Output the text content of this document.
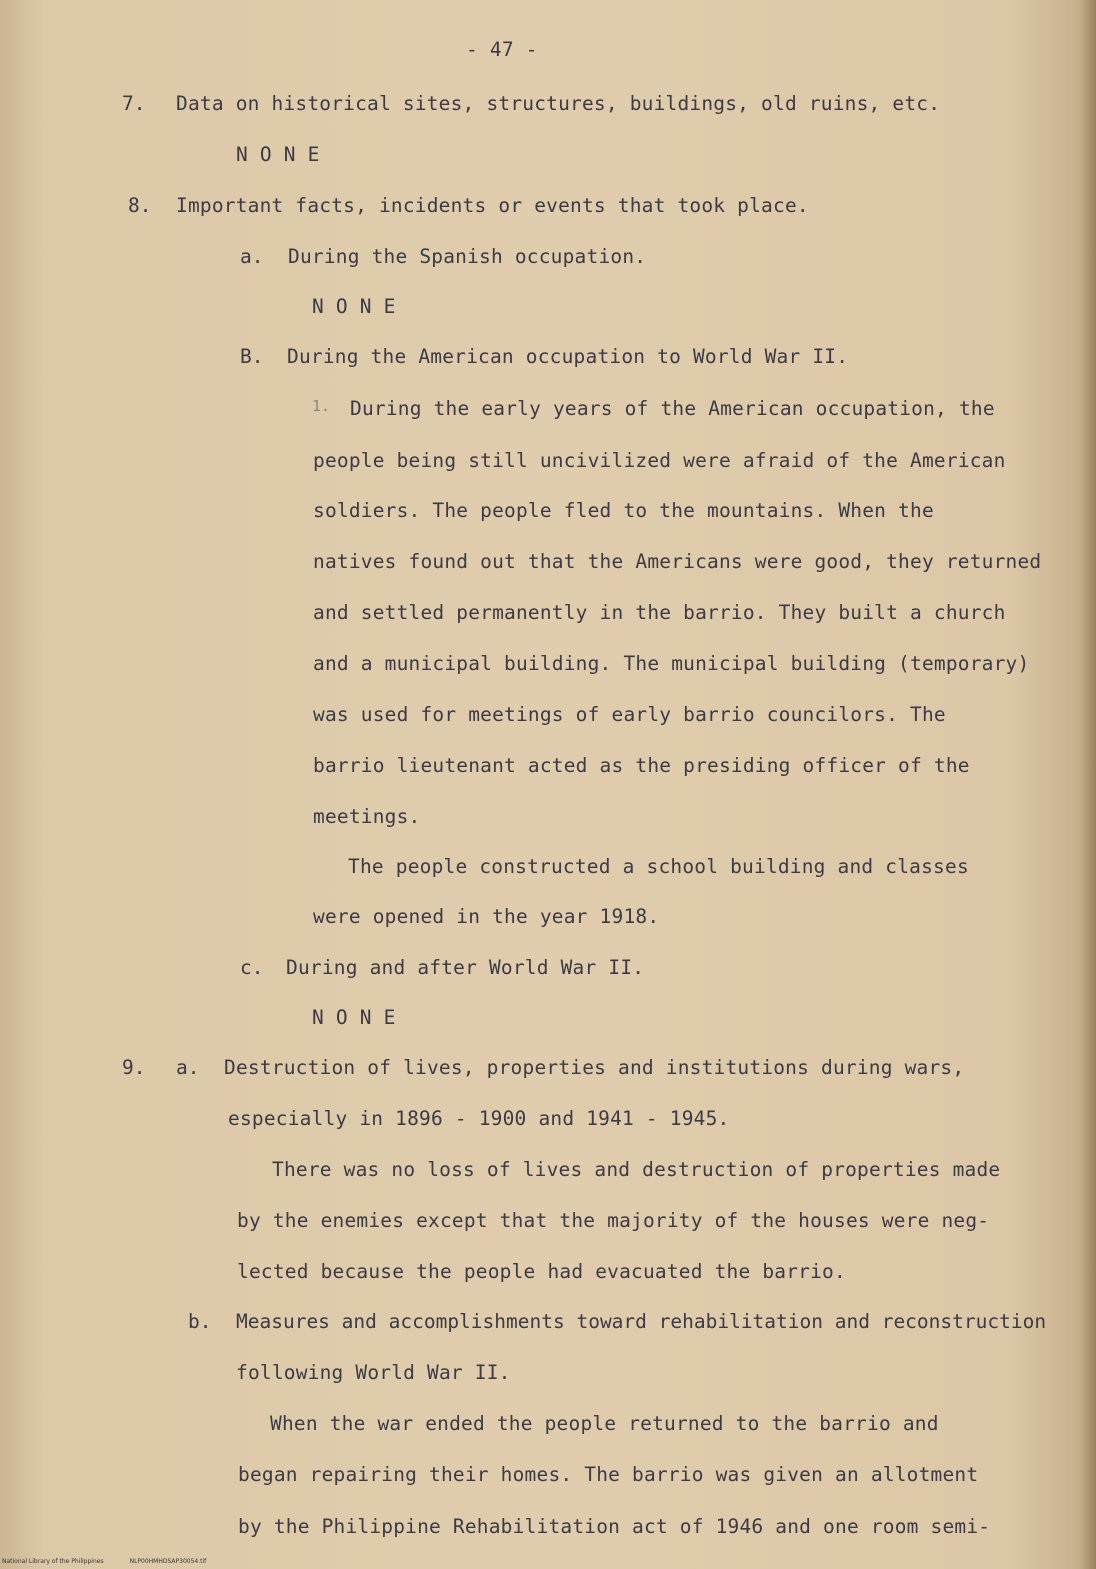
- 47 -
7. Data on historical sites, structures, buildings, old ruins, etc.
N O N E
8. Important facts, incidents or events that took place.
a. During the Spanish occupation.
N O N E
B. During the American occupation to World War II.
1. During the early years of the American occupation, the
people being still uncivilized were afraid of the American
soldiers. The people fled to the mountains. When the
natives found out that the Americans were good, they returned
and settled permanently in the barrio. They built a church
and a municipal building. The municipal building (temporary)
was used for meetings of early barrio councilors. The
barrio lieutenant acted as the presiding officer of the
meetings.
The people constructed a school building and classes
were opened in the year 1918.
c. During and after World War II.
N O N E
9. a. Destruction of lives, properties and institutions during wars,
especially in 1896 - 1900 and 1941 - 1945.
There was no loss of lives and destruction of properties made
by the enemies except that the majority of the houses were neg-
lected because the people had evacuated the barrio.
b. Measures and accomplishments toward rehabilitation and reconstruction
following World War II.
When the war ended the people returned to the barrio and
began repairing their homes. The barrio was given an allotment
by the Philippine Rehabilitation act of 1946 and one room semi-
National Library of the Philippines	NLP00HMHDSAP30054.tif
